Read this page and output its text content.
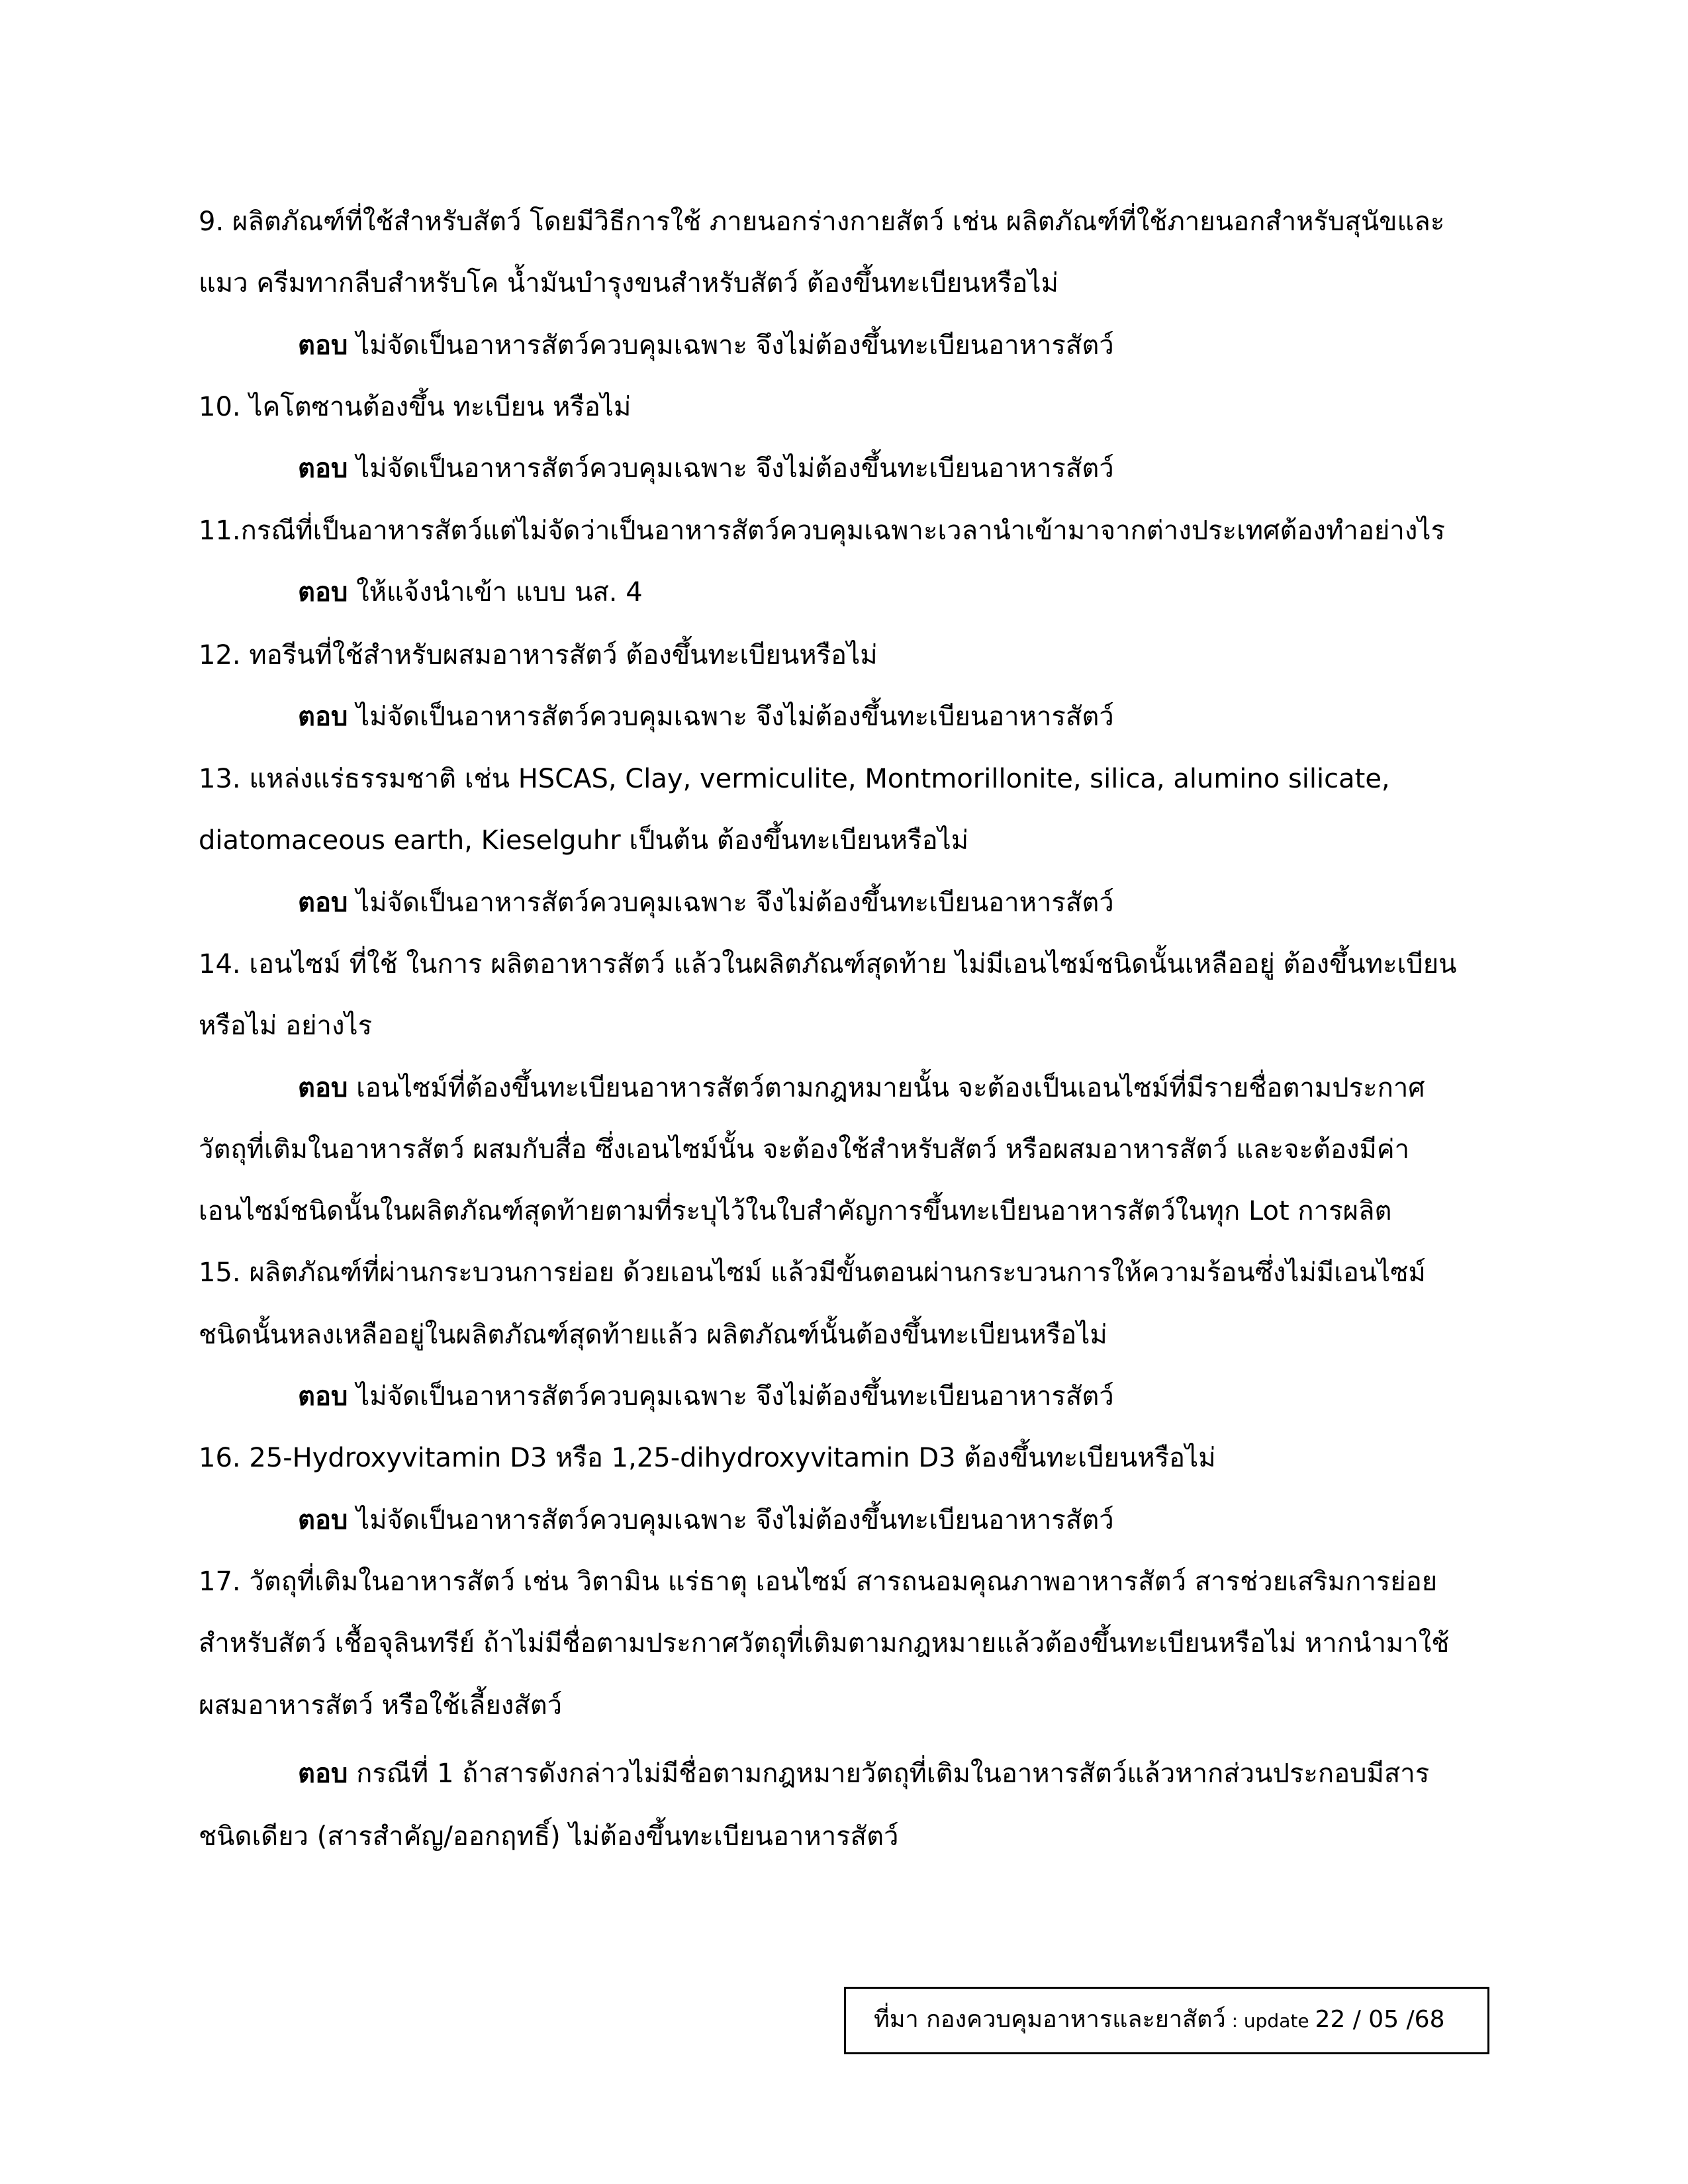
9. ผลิตภัณฑ์ที่ใช้สำหรับสัตว์ โดยมีวิธีการใช้ ภายนอกร่างกายสัตว์ เช่น ผลิตภัณฑ์ที่ใช้ภายนอกสำหรับสุนัขและ

แมว ครีมทากลีบสำหรับโค น้ำมันบำรุงขนสำหรับสัตว์ ต้องขึ้นทะเบียนหรือไม่

ตอบ ไม่จัดเป็นอาหารสัตว์ควบคุมเฉพาะ จึงไม่ต้องขึ้นทะเบียนอาหารสัตว์

10. ไคโตซานต้องขึ้น ทะเบียน หรือไม่

ตอบ ไม่จัดเป็นอาหารสัตว์ควบคุมเฉพาะ จึงไม่ต้องขึ้นทะเบียนอาหารสัตว์

11.กรณีที่เป็นอาหารสัตว์แต่ไม่จัดว่าเป็นอาหารสัตว์ควบคุมเฉพาะเวลานำเข้ามาจากต่างประเทศต้องทำอย่างไร

ตอบ ให้แจ้งนำเข้า แบบ นส. 4

12. ทอรีนที่ใช้สำหรับผสมอาหารสัตว์ ต้องขึ้นทะเบียนหรือไม่

ตอบ ไม่จัดเป็นอาหารสัตว์ควบคุมเฉพาะ จึงไม่ต้องขึ้นทะเบียนอาหารสัตว์

13. แหล่งแร่ธรรมชาติ เช่น HSCAS, Clay, vermiculite, Montmorillonite, silica, alumino silicate,

diatomaceous earth, Kieselguhr เป็นต้น ต้องขึ้นทะเบียนหรือไม่

ตอบ ไม่จัดเป็นอาหารสัตว์ควบคุมเฉพาะ จึงไม่ต้องขึ้นทะเบียนอาหารสัตว์

14. เอนไซม์ ที่ใช้ ในการ ผลิตอาหารสัตว์ แล้วในผลิตภัณฑ์สุดท้าย ไม่มีเอนไซม์ชนิดนั้นเหลืออยู่ ต้องขึ้นทะเบียน

หรือไม่ อย่างไร

ตอบ เอนไซม์ที่ต้องขึ้นทะเบียนอาหารสัตว์ตามกฎหมายนั้น จะต้องเป็นเอนไซม์ที่มีรายชื่อตามประกาศ

วัตถุที่เติมในอาหารสัตว์ ผสมกับสื่อ ซึ่งเอนไซม์นั้น จะต้องใช้สำหรับสัตว์ หรือผสมอาหารสัตว์ และจะต้องมีค่า

เอนไซม์ชนิดนั้นในผลิตภัณฑ์สุดท้ายตามที่ระบุไว้ในใบสำคัญการขึ้นทะเบียนอาหารสัตว์ในทุก Lot การผลิต

15. ผลิตภัณฑ์ที่ผ่านกระบวนการย่อย ด้วยเอนไซม์ แล้วมีขั้นตอนผ่านกระบวนการให้ความร้อนซึ่งไม่มีเอนไซม์

ชนิดนั้นหลงเหลืออยู่ในผลิตภัณฑ์สุดท้ายแล้ว ผลิตภัณฑ์นั้นต้องขึ้นทะเบียนหรือไม่

ตอบ ไม่จัดเป็นอาหารสัตว์ควบคุมเฉพาะ จึงไม่ต้องขึ้นทะเบียนอาหารสัตว์

16. 25-Hydroxyvitamin D3 หรือ 1,25-dihydroxyvitamin D3 ต้องขึ้นทะเบียนหรือไม่

ตอบ ไม่จัดเป็นอาหารสัตว์ควบคุมเฉพาะ จึงไม่ต้องขึ้นทะเบียนอาหารสัตว์

17. วัตถุที่เติมในอาหารสัตว์ เช่น วิตามิน แร่ธาตุ เอนไซม์ สารถนอมคุณภาพอาหารสัตว์ สารช่วยเสริมการย่อย

สำหรับสัตว์ เชื้อจุลินทรีย์ ถ้าไม่มีชื่อตามประกาศวัตถุที่เติมตามกฎหมายแล้วต้องขึ้นทะเบียนหรือไม่ หากนำมาใช้

ผสมอาหารสัตว์ หรือใช้เลี้ยงสัตว์

ตอบ กรณีที่ 1 ถ้าสารดังกล่าวไม่มีชื่อตามกฎหมายวัตถุที่เติมในอาหารสัตว์แล้วหากส่วนประกอบมีสาร

ชนิดเดียว (สารสำคัญ/ออกฤทธิ์) ไม่ต้องขึ้นทะเบียนอาหารสัตว์

ที่มา กองควบคุมอาหารและยาสัตว์ : update 22 / 05 /68
